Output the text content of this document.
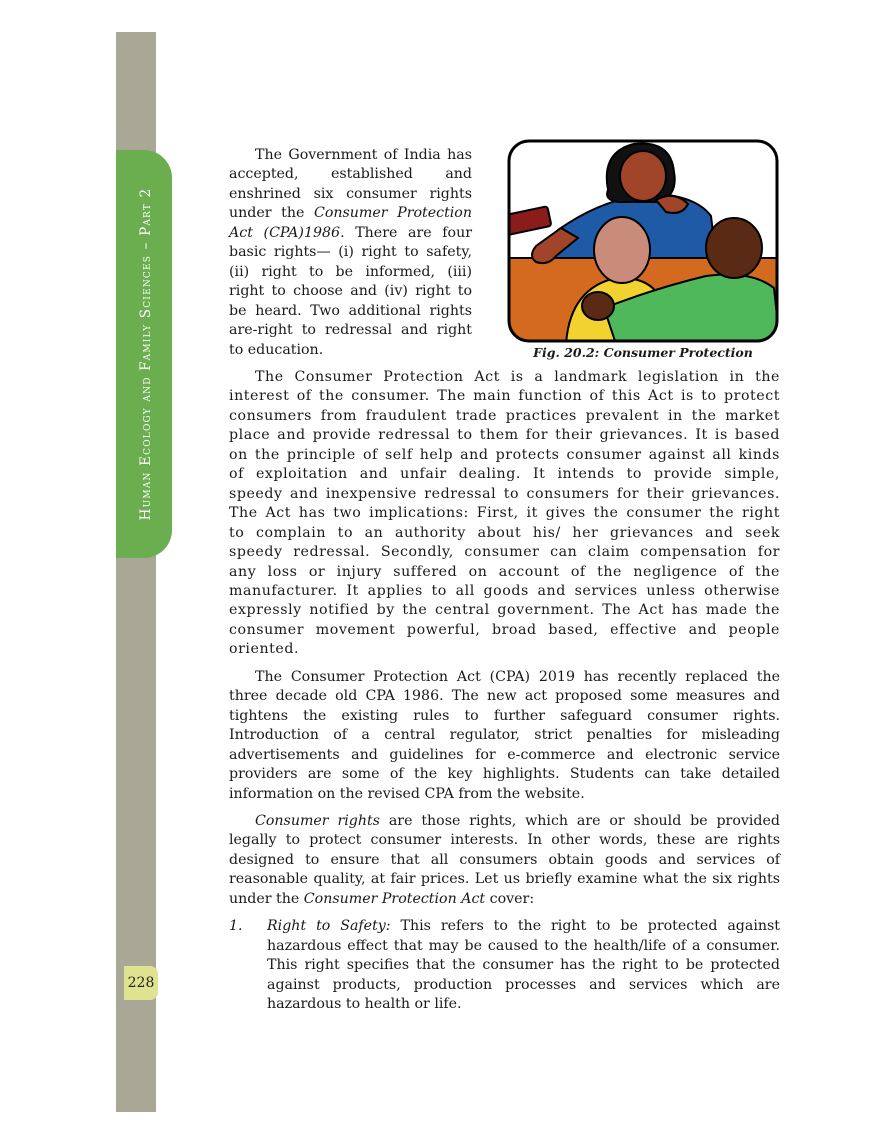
Human Ecology and Family Sciences – Part 2
228
The Government of India has accepted, established and enshrined six consumer rights under the Consumer Protection Act (CPA)1986. There are four basic rights— (i) right to safety, (ii) right to be informed, (iii) right to choose and (iv) right to be heard. Two additional rights are-right to redressal and right to education.	Fig. 20.2: Consumer Protection

The Consumer Protection Act is a landmark legislation in the interest of the consumer. The main function of this Act is to protect consumers from fraudulent trade practices prevalent in the market place and provide redressal to them for their grievances. It is based on the principle of self help and protects consumer against all kinds of exploitation and unfair dealing. It intends to provide simple, speedy and inexpensive redressal to consumers for their grievances. The Act has two implications: First, it gives the consumer the right to complain to an authority about his/ her grievances and seek speedy redressal. Secondly, consumer can claim compensation for any loss or injury suffered on account of the negligence of the manufacturer. It applies to all goods and services unless otherwise expressly notified by the central government. The Act has made the consumer movement powerful, broad based, effective and people oriented.

The Consumer Protection Act (CPA) 2019 has recently replaced the three decade old CPA 1986. The new act proposed some measures and tightens the existing rules to further safeguard consumer rights. Introduction of a central regulator, strict penalties for misleading advertisements and guidelines for e-commerce and electronic service providers are some of the key highlights. Students can take detailed information on the revised CPA from the website.

Consumer rights are those rights, which are or should be provided legally to protect consumer interests. In other words, these are rights designed to ensure that all consumers obtain goods and services of reasonable quality, at fair prices. Let us briefly examine what the six rights under the Consumer Protection Act cover:

1.	Right to Safety: This refers to the right to be protected against hazardous effect that may be caused to the health/life of a consumer. This right specifies that the consumer has the right to be protected against products, production processes and services which are hazardous to health or life.
